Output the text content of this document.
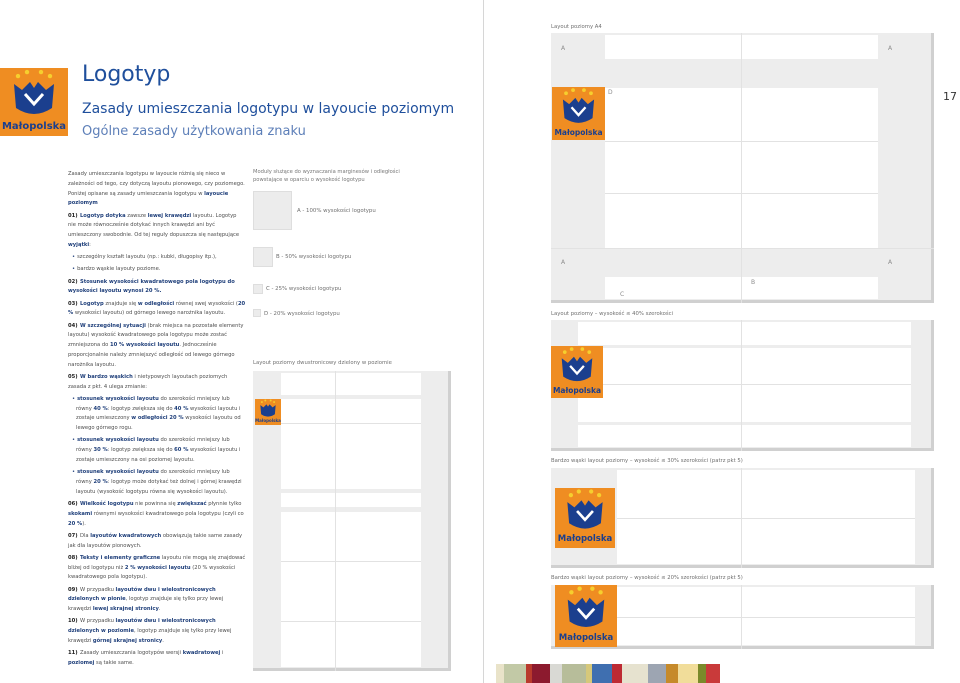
Małopolska
Logotyp
Zasady umieszczania logotypu w layoucie poziomym
Ogólne zasady użytkowania znaku

Zasady umieszczania logotypu w layoucie różnią się nieco w zależności od tego, czy dotyczą layoutu pionowego, czy poziomego. Poniżej opisane są zasady umieszczania logotypu w layoucie poziomym

01) Logotyp dotyka zawsze lewej krawędzi layoutu. Logotyp nie może równocześnie dotykać innych krawędzi ani być umieszczony swobodnie. Od tej reguły dopuszcza się następujące wyjątki:

• szczególny kształt layoutu (np.: kubki, długopisy itp.),

• bardzo wąskie layouty poziome.

02) Stosunek wysokości kwadratowego pola logotypu do wysokości layoutu wynosi 20 %.

03) Logotyp znajduje się w odległości równej swej wysokości (20 % wysokości layoutu) od górnego lewego narożnika layoutu.

04) W szczególnej sytuacji (brak miejsca na pozostałe elementy layoutu) wysokość kwadratowego pola logotypu może zostać zmniejszona do 10 % wysokości layoutu. Jednocześnie proporcjonalnie należy zmniejszyć odległość od lewego górnego narożnika layoutu.

05) W bardzo wąskich i nietypowych layoutach poziomych zasada z pkt. 4 ulega zmianie:

• stosunek wysokości layoutu do szerokości mniejszy lub równy 40 %: logotyp zwiększa się do 40 % wysokości layoutu i zostaje umieszczony w odległości 20 % wysokości layoutu od lewego górnego rogu.

• stosunek wysokości layoutu do szerokości mniejszy lub równy 30 %: logotyp zwiększa się do 60 % wysokości layoutu i zostaje umieszczony na osi poziomej layoutu.

• stosunek wysokości layoutu do szerokości mniejszy lub równy 20 %: logotyp może dotykać też dolnej i górnej krawędzi layoutu (wysokość logotypu równa się wysokości layoutu).

06) Wielkość logotypu nie powinna się zwiększać płynnie tylko skokami równymi wysokości kwadratowego pola logotypu (czyli co 20 %).

07) Dla layoutów kwadratowych obowiązują takie same zasady jak dla layoutów pionowych.

08) Teksty i elementy graficzne layoutu nie mogą się znajdować bliżej od logotypu niż 2 % wysokości layoutu (20 % wysokości kwadratowego pola logotypu).

09) W przypadku layoutów dwu i wielostronicowych dzielonych w pionie, logotyp znajduje się tylko przy lewej krawędzi lewej skrajnej stronicy.

10) W przypadku layoutów dwu i wielostronicowych dzielonych w poziomie, logotyp znajduje się tylko przy lewej krawędzi górnej skrajnej stronicy.

11) Zasady umieszczania logotypów wersji kwadratowej i poziomej są takie same.

Moduły służące do wyznaczania marginesów i odległości powstające w oparciu o wysokość logotypu
A - 100% wysokości logotypu
B - 50% wysokości logotypu
C - 25% wysokości logotypu
D - 20% wysokości logotypu
Layout poziomy dwustronicowy dzielony w poziomie
Małopolska
Layout poziomy A4
A	A
D
A	A
B
C
Małopolska
17
Layout poziomy – wysokość ≤ 40% szerokości
Małopolska
Bardzo wąski layout poziomy – wysokość ≤ 30% szerokości (patrz pkt 5)
Małopolska
Bardzo wąski layout poziomy – wysokość ≤ 20% szerokości (patrz pkt 5)
Małopolska
